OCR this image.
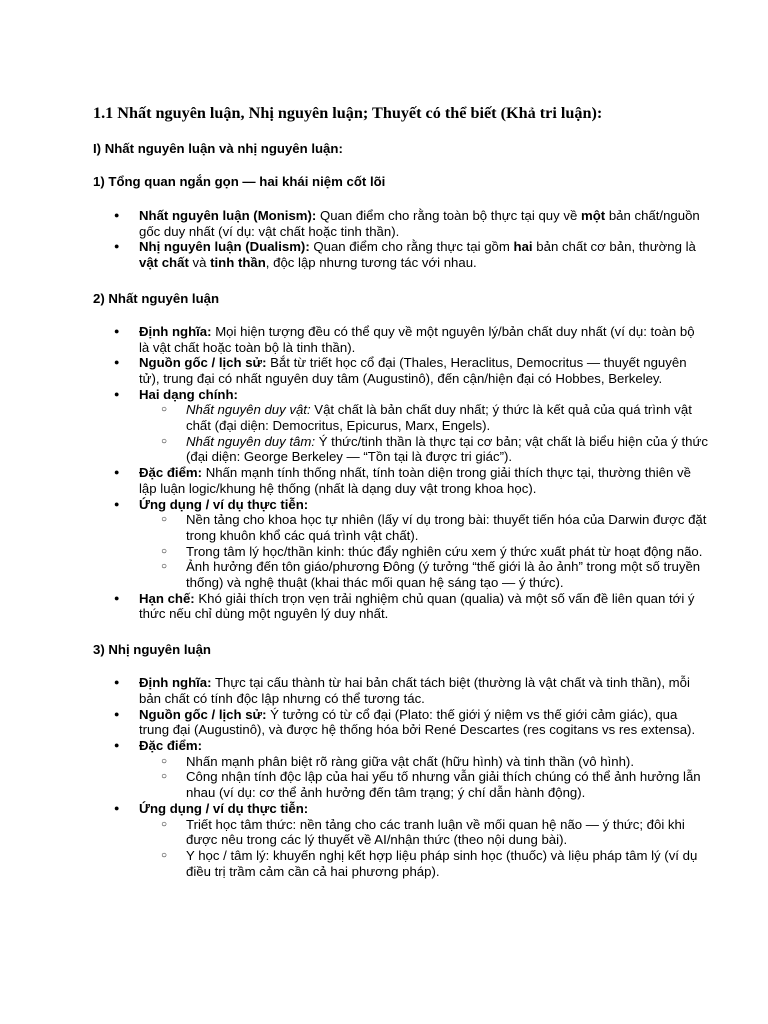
1.1 Nhất nguyên luận, Nhị nguyên luận; Thuyết có thể biết (Khả tri luận):

I) Nhất nguyên luận và nhị nguyên luận:

1) Tổng quan ngắn gọn — hai khái niệm cốt lõi

● Nhất nguyên luận (Monism): Quan điểm cho rằng toàn bộ thực tại quy về một bản chất/nguồn gốc duy nhất (ví dụ: vật chất hoặc tinh thần).
● Nhị nguyên luận (Dualism): Quan điểm cho rằng thực tại gồm hai bản chất cơ bản, thường là vật chất và tinh thần, độc lập nhưng tương tác với nhau.

2) Nhất nguyên luận

● Định nghĩa: Mọi hiện tượng đều có thể quy về một nguyên lý/bản chất duy nhất (ví dụ: toàn bộ là vật chất hoặc toàn bộ là tinh thần).
● Nguồn gốc / lịch sử: Bắt từ triết học cổ đại (Thales, Heraclitus, Democritus — thuyết nguyên tử), trung đại có nhất nguyên duy tâm (Augustinô), đến cận/hiện đại có Hobbes, Berkeley.
● Hai dạng chính:
○ Nhất nguyên duy vật: Vật chất là bản chất duy nhất; ý thức là kết quả của quá trình vật chất (đại diện: Democritus, Epicurus, Marx, Engels).
○ Nhất nguyên duy tâm: Ý thức/tinh thần là thực tại cơ bản; vật chất là biểu hiện của ý thức (đại diện: George Berkeley — “Tồn tại là được tri giác”).
● Đặc điểm: Nhấn mạnh tính thống nhất, tính toàn diện trong giải thích thực tại, thường thiên về lập luận logic/khung hệ thống (nhất là dạng duy vật trong khoa học).
● Ứng dụng / ví dụ thực tiễn:
○ Nền tảng cho khoa học tự nhiên (lấy ví dụ trong bài: thuyết tiến hóa của Darwin được đặt trong khuôn khổ các quá trình vật chất).
○ Trong tâm lý học/thần kinh: thúc đẩy nghiên cứu xem ý thức xuất phát từ hoạt động não.
○ Ảnh hưởng đến tôn giáo/phương Đông (ý tưởng “thế giới là ảo ảnh” trong một số truyền thống) và nghệ thuật (khai thác mối quan hệ sáng tạo — ý thức).
● Hạn chế: Khó giải thích trọn vẹn trải nghiệm chủ quan (qualia) và một số vấn đề liên quan tới ý thức nếu chỉ dùng một nguyên lý duy nhất.

3) Nhị nguyên luận

● Định nghĩa: Thực tại cấu thành từ hai bản chất tách biệt (thường là vật chất và tinh thần), mỗi bản chất có tính độc lập nhưng có thể tương tác.
● Nguồn gốc / lịch sử: Ý tưởng có từ cổ đại (Plato: thế giới ý niệm vs thế giới cảm giác), qua trung đại (Augustinô), và được hệ thống hóa bởi René Descartes (res cogitans vs res extensa).
● Đặc điểm:
○ Nhấn mạnh phân biệt rõ ràng giữa vật chất (hữu hình) và tinh thần (vô hình).
○ Công nhận tính độc lập của hai yếu tố nhưng vẫn giải thích chúng có thể ảnh hưởng lẫn nhau (ví dụ: cơ thể ảnh hưởng đến tâm trạng; ý chí dẫn hành động).
● Ứng dụng / ví dụ thực tiễn:
○ Triết học tâm thức: nền tảng cho các tranh luận về mối quan hệ não — ý thức; đôi khi được nêu trong các lý thuyết về AI/nhận thức (theo nội dung bài).
○ Y học / tâm lý: khuyến nghị kết hợp liệu pháp sinh học (thuốc) và liệu pháp tâm lý (ví dụ điều trị trầm cảm cần cả hai phương pháp).
